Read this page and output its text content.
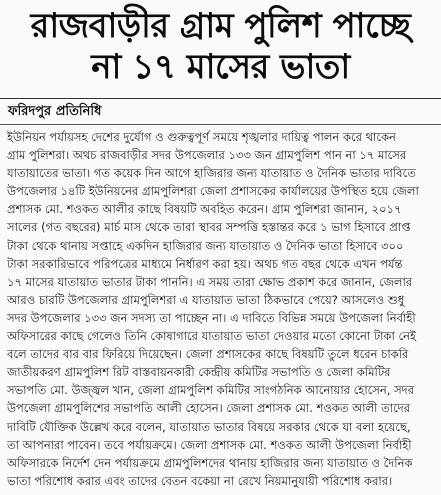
রাজবাড়ীর গ্রাম পুলিশ পাচ্ছে
না ১৭ মাসের ভাতা
ফরিদপুর প্রতিনিধি
ইউনিয়ন পর্যায়সহ দেশের দুর্যোগ ও গুরুত্বপূর্ণ সময়ে শৃঙ্খলার দায়িত্ব পালন করে থাকেন
গ্রাম পুলিশরা। অথচ রাজবাড়ীর সদর উপজেলার ১৩৩ জন গ্রামপুলিশ পান না ১৭ মাসের
যাতায়াতের ভাতা। গত কয়েক দিন আগে হাজিরার জন্য যাতায়াত ও দৈনিক ভাতার দাবিতে
উপজেলার ১৪টি ইউনিয়নের গ্রামপুলিশরা জেলা প্রশাসকের কার্যালয়ের উপস্থিত হয়ে জেলা
প্রশাসক মো. শওকত আলীর কাছে বিষয়টি অবহিত করেন। গ্রাম পুলিশরা জানান, ২০১৭
সালের (গত বছরের) মার্চ মাস থেকে তারা স্থাবর সম্পত্তি হস্তান্তর করে ১ ভাগ হিসাবে প্রাপ্ত
টাকা থেকে থানায় সপ্তাহে একদিন হাজিরার জন্য যাতায়াত ও দৈনিক ভাতা হিসাবে ৩০০
টাকা সরকারিভাবে পরিপত্রের মাধ্যমে নির্ধারণ করা হয়। অথচ গত বছর থেকে এখন পর্যন্ত
১৭ মাসের যাতায়াত ভাতার টাকা পাননি। এ সময় তারা ক্ষোভ প্রকাশ করে জানান, জেলার
আরও চারটি উপজেলার গ্রামপুলিশরা এ যাতায়াত ভাতা ঠিকভাবে পেয়ে? আসলেও শুধু
সদর উপজেলার ১৩৩ জন সদস্য তা পাচ্ছেন না। এ দাবিতে বিভিন্ন সময়ে উপজেলা নির্বাহী
অফিসারের কাছে গেলেও তিনি কোষাগারে যাতায়াত ভাতা দেওয়ার মতো কোনো টাকা নেই
বলে তাদের বার বার ফিরিয়ে দিয়েছেন। জেলা প্রশাসকের কাছে বিষয়টি তুলে ধরেন চাকরি
জাতীয়করণ গ্রামপুলিশ রিট বাস্তবায়নকারী কেন্দ্রীয় কমিটির সভাপতি ও জেলা কমিটির
সভাপতি মো. উজ্জ্বল খান, জেলা গ্রামপুলিশ কমিটির সাংগঠনিক আনোয়ার হোসেন, সদর
উপজেলা গ্রামপুলিশের সভাপতি আলী হোসেন। জেলা প্রশাসক মো. শওকত আলী তাদের
দাবিটি যৌক্তিক উল্লেখ করে বলেন, যাতায়াত ভাতার বিষয়ে সরকার থেকে যা বলা হয়েছে,
তা আপনারা পাবেন। তবে পর্যায়ক্রমে। জেলা প্রশাসক মো. শওকত আলী উপজেলা নির্বাহী
অফিসারকে নির্দেশ দেন পর্যায়ক্রমে গ্রামপুলিশদের থানায় হাজিরার জন্য যাতায়াত ও দৈনিক
ভাতা পরিশোধ করার এবং তাদের বেতন বকেয়া না রেখে নিয়মানুযায়ী পরিশোধ করার।
